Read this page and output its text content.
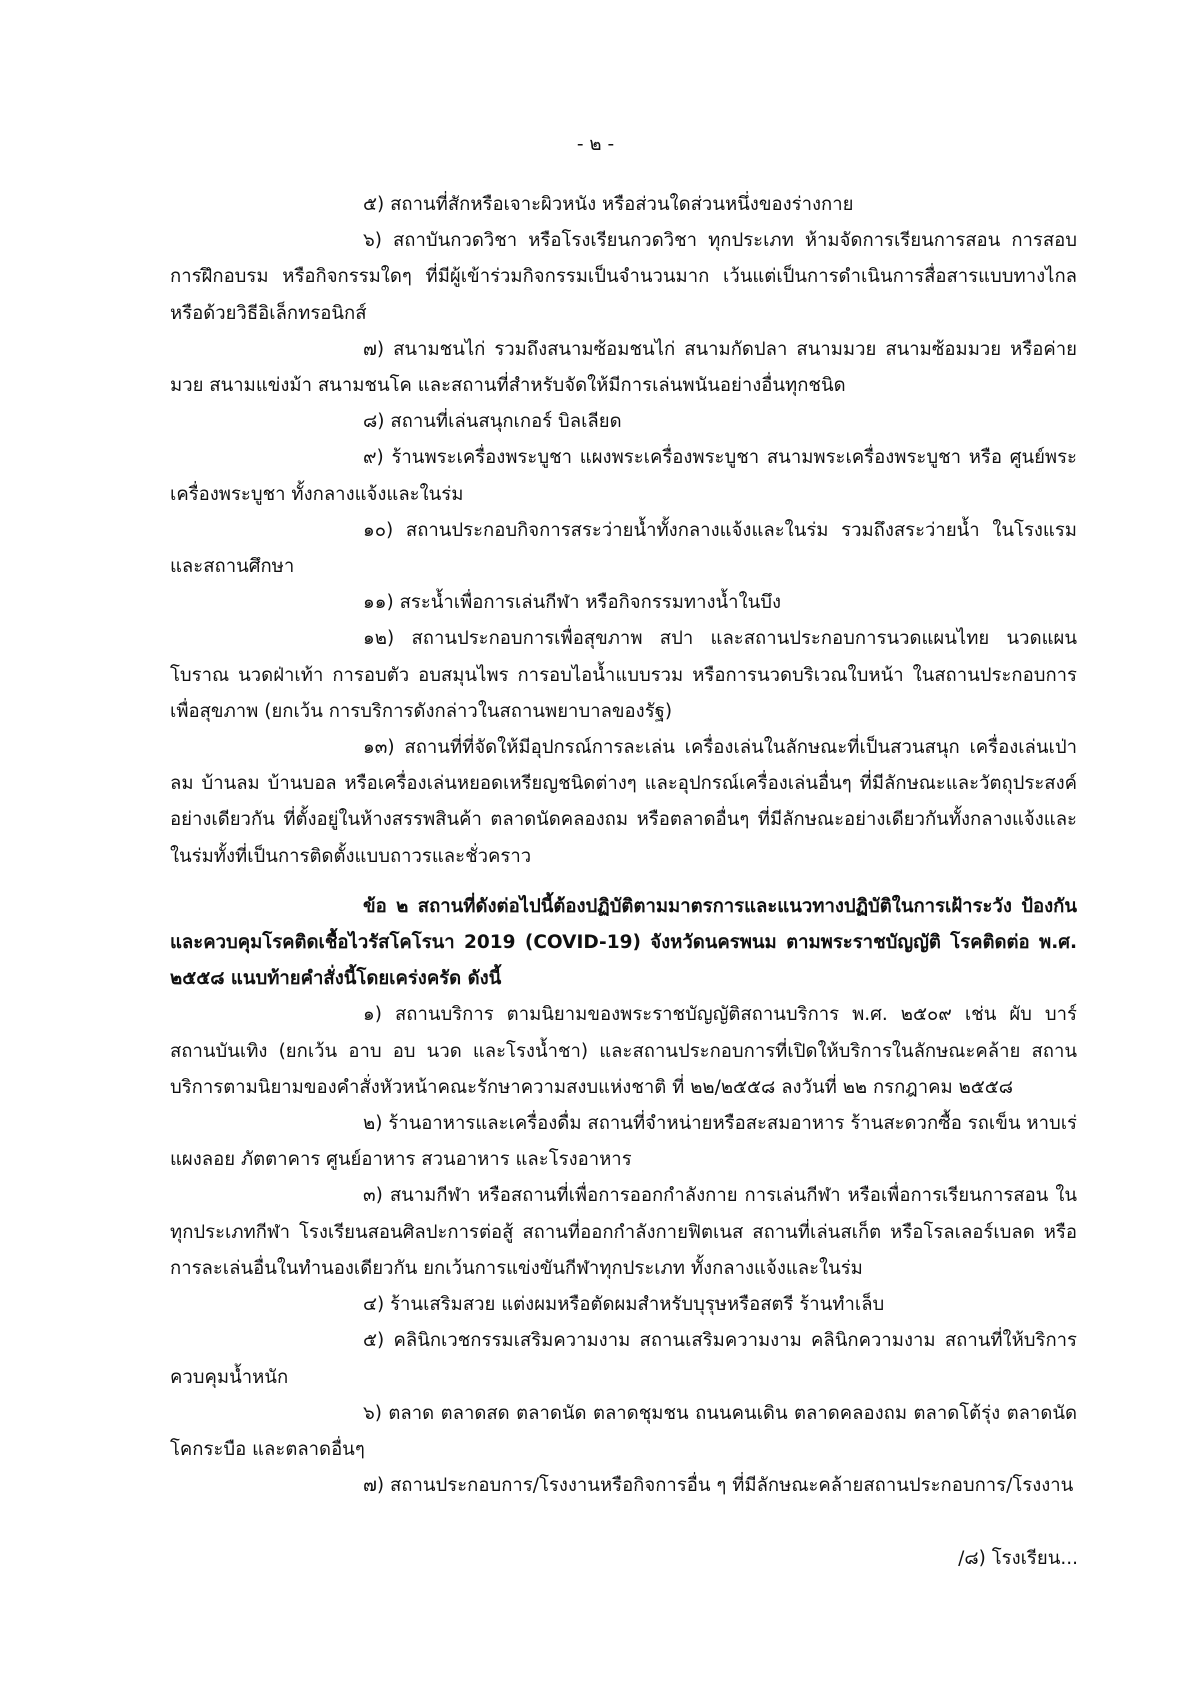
- ๒ -

๕) สถานที่สักหรือเจาะผิวหนัง หรือส่วนใดส่วนหนึ่งของร่างกาย

๖) สถาบันกวดวิชา หรือโรงเรียนกวดวิชา ทุกประเภท ห้ามจัดการเรียนการสอน การสอบ การฝึกอบรม หรือกิจกรรมใดๆ ที่มีผู้เข้าร่วมกิจกรรมเป็นจำนวนมาก เว้นแต่เป็นการดำเนินการสื่อสารแบบทางไกล หรือด้วยวิธีอิเล็กทรอนิกส์

๗) สนามชนไก่ รวมถึงสนามซ้อมชนไก่ สนามกัดปลา สนามมวย สนามซ้อมมวย หรือค่ายมวย สนามแข่งม้า สนามชนโค และสถานที่สำหรับจัดให้มีการเล่นพนันอย่างอื่นทุกชนิด

๘) สถานที่เล่นสนุกเกอร์ บิลเลียด

๙) ร้านพระเครื่องพระบูชา แผงพระเครื่องพระบูชา สนามพระเครื่องพระบูชา หรือ ศูนย์พระเครื่องพระบูชา ทั้งกลางแจ้งและในร่ม

๑๐) สถานประกอบกิจการสระว่ายน้ำทั้งกลางแจ้งและในร่ม รวมถึงสระว่ายน้ำ ในโรงแรมและสถานศึกษา

๑๑) สระน้ำเพื่อการเล่นกีฬา หรือกิจกรรมทางน้ำในบึง

๑๒) สถานประกอบการเพื่อสุขภาพ สปา และสถานประกอบการนวดแผนไทย นวดแผนโบราณ นวดฝ่าเท้า การอบตัว อบสมุนไพร การอบไอน้ำแบบรวม หรือการนวดบริเวณใบหน้า ในสถานประกอบการเพื่อสุขภาพ (ยกเว้น การบริการดังกล่าวในสถานพยาบาลของรัฐ)

๑๓) สถานที่ที่จัดให้มีอุปกรณ์การละเล่น เครื่องเล่นในลักษณะที่เป็นสวนสนุก เครื่องเล่นเป่าลม บ้านลม บ้านบอล หรือเครื่องเล่นหยอดเหรียญชนิดต่างๆ และอุปกรณ์เครื่องเล่นอื่นๆ ที่มีลักษณะและวัตถุประสงค์อย่างเดียวกัน ที่ตั้งอยู่ในห้างสรรพสินค้า ตลาดนัดคลองถม หรือตลาดอื่นๆ ที่มีลักษณะอย่างเดียวกันทั้งกลางแจ้งและในร่มทั้งที่เป็นการติดตั้งแบบถาวรและชั่วคราว

ข้อ ๒ สถานที่ดังต่อไปนี้ต้องปฏิบัติตามมาตรการและแนวทางปฏิบัติในการเฝ้าระวัง ป้องกันและควบคุมโรคติดเชื้อไวรัสโคโรนา 2019 (COVID-19) จังหวัดนครพนม ตามพระราชบัญญัติ โรคติดต่อ พ.ศ. ๒๕๕๘ แนบท้ายคำสั่งนี้โดยเคร่งครัด ดังนี้

๑) สถานบริการ ตามนิยามของพระราชบัญญัติสถานบริการ พ.ศ. ๒๕๐๙ เช่น ผับ บาร์ สถานบันเทิง (ยกเว้น อาบ อบ นวด และโรงน้ำชา) และสถานประกอบการที่เปิดให้บริการในลักษณะคล้าย สถานบริการตามนิยามของคำสั่งหัวหน้าคณะรักษาความสงบแห่งชาติ ที่ ๒๒/๒๕๕๘ ลงวันที่ ๒๒ กรกฎาคม ๒๕๕๘

๒) ร้านอาหารและเครื่องดื่ม สถานที่จำหน่ายหรือสะสมอาหาร ร้านสะดวกซื้อ รถเข็น หาบเร่ แผงลอย ภัตตาคาร ศูนย์อาหาร สวนอาหาร และโรงอาหาร

๓) สนามกีฬา หรือสถานที่เพื่อการออกกำลังกาย การเล่นกีฬา หรือเพื่อการเรียนการสอน ในทุกประเภทกีฬา โรงเรียนสอนศิลปะการต่อสู้ สถานที่ออกกำลังกายฟิตเนส สถานที่เล่นสเก็ต หรือโรลเลอร์เบลด หรือ การละเล่นอื่นในทำนองเดียวกัน ยกเว้นการแข่งขันกีฬาทุกประเภท ทั้งกลางแจ้งและในร่ม

๔) ร้านเสริมสวย แต่งผมหรือตัดผมสำหรับบุรุษหรือสตรี ร้านทำเล็บ

๕) คลินิกเวชกรรมเสริมความงาม สถานเสริมความงาม คลินิกความงาม สถานที่ให้บริการ ควบคุมน้ำหนัก

๖) ตลาด ตลาดสด ตลาดนัด ตลาดชุมชน ถนนคนเดิน ตลาดคลองถม ตลาดโต้รุ่ง ตลาดนัดโคกระบือ และตลาดอื่นๆ

๗) สถานประกอบการ/โรงงานหรือกิจการอื่น ๆ ที่มีลักษณะคล้ายสถานประกอบการ/โรงงาน

/๘) โรงเรียน...
